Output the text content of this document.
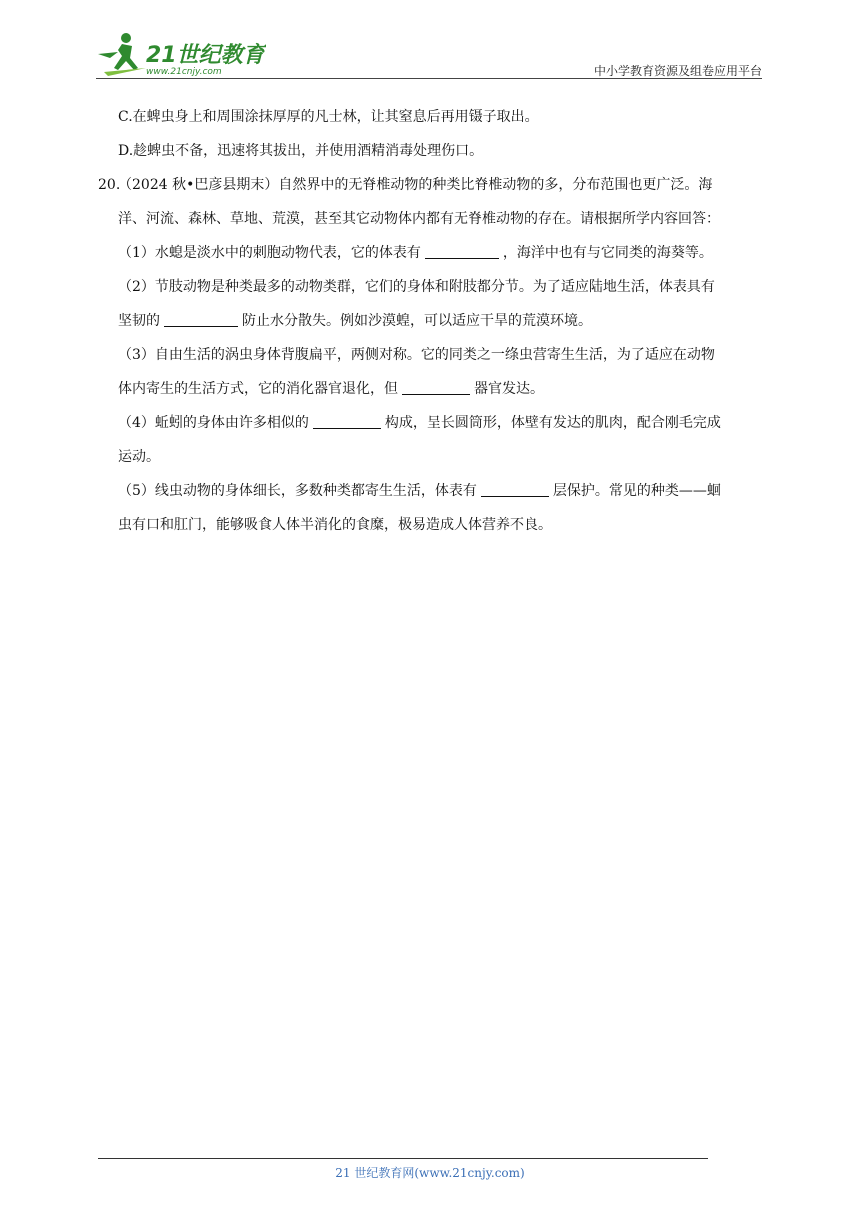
21世纪教育
www.21cnjy.com	中小学教育资源及组卷应用平台
C.在蜱虫身上和周围涂抹厚厚的凡士林，让其窒息后再用镊子取出。
D.趁蜱虫不备，迅速将其拔出，并使用酒精消毒处理伤口。
20.（2024 秋•巴彦县期末）自然界中的无脊椎动物的种类比脊椎动物的多，分布范围也更广泛。海
洋、河流、森林、草地、荒漠，甚至其它动物体内都有无脊椎动物的存在。请根据所学内容回答：
（1）水螅是淡水中的刺胞动物代表，它的体表有	，海洋中也有与它同类的海葵等。
（2）节肢动物是种类最多的动物类群，它们的身体和附肢都分节。为了适应陆地生活，体表具有
坚韧的	防止水分散失。例如沙漠蝗，可以适应干旱的荒漠环境。
（3）自由生活的涡虫身体背腹扁平，两侧对称。它的同类之一绦虫营寄生生活，为了适应在动物
体内寄生的生活方式，它的消化器官退化，但	器官发达。
（4）蚯蚓的身体由许多相似的	构成，呈长圆筒形，体壁有发达的肌肉，配合刚毛完成
运动。
（5）线虫动物的身体细长，多数种类都寄生生活，体表有	层保护。常见的种类——蛔
虫有口和肛门，能够吸食人体半消化的食糜，极易造成人体营养不良。
21 世纪教育网(www.21cnjy.com)
